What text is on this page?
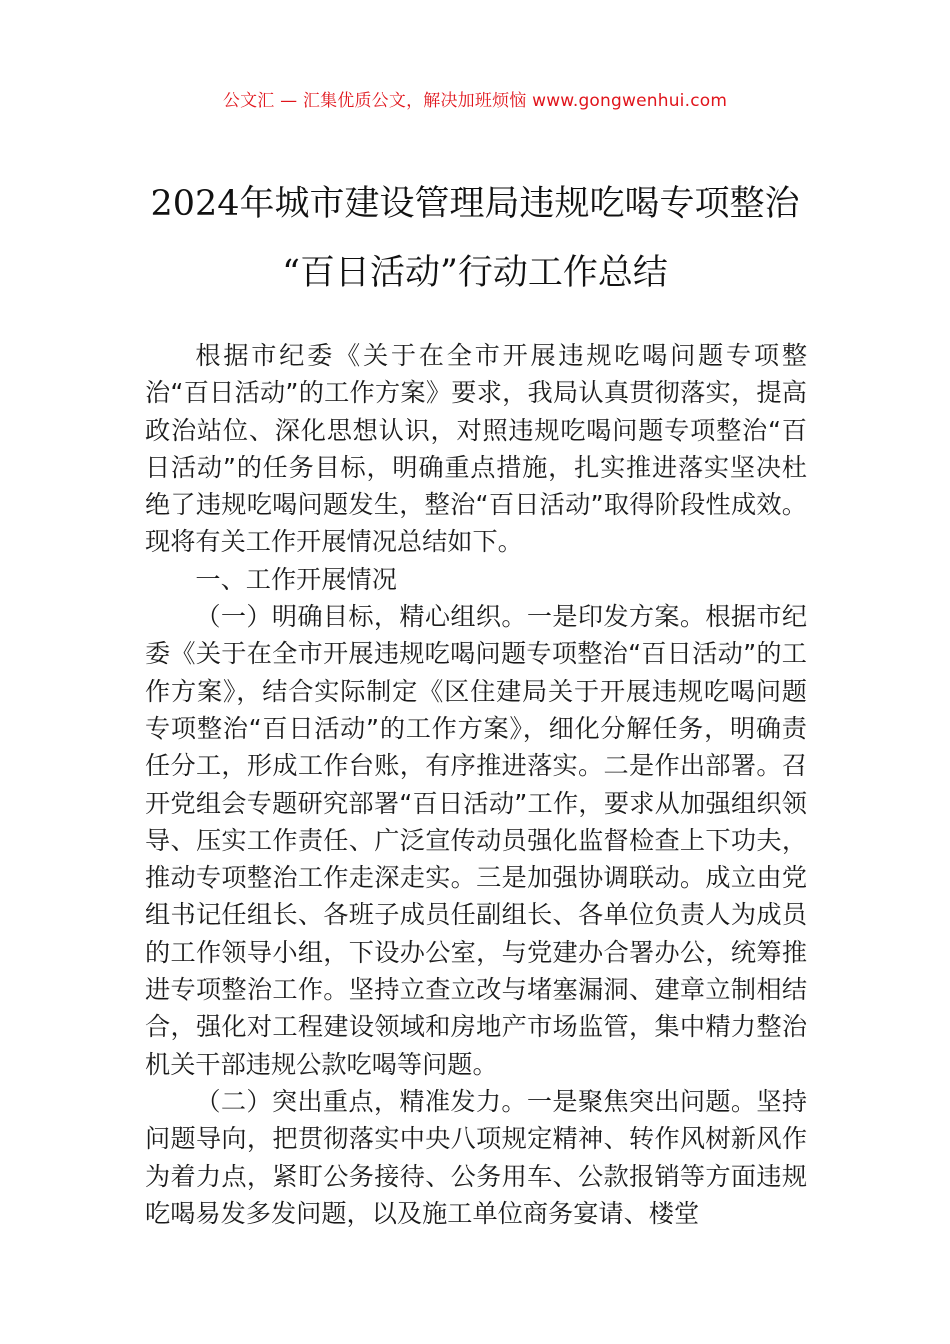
公文汇 — 汇集优质公文，解决加班烦恼 www.gongwenhui.com
2024年城市建设管理局违规吃喝专项整治
“百日活动”行动工作总结

根据市纪委《关于在全市开展违规吃喝问题专项整治“百日活动”的工作方案》要求，我局认真贯彻落实，提高政治站位、深化思想认识，对照违规吃喝问题专项整治“百日活动”的任务目标，明确重点措施，扎实推进落实坚决杜绝了违规吃喝问题发生，整治“百日活动”取得阶段性成效。现将有关工作开展情况总结如下。

一、工作开展情况

（一）明确目标，精心组织。一是印发方案。根据市纪委《关于在全市开展违规吃喝问题专项整治“百日活动”的工作方案》，结合实际制定《区住建局关于开展违规吃喝问题专项整治“百日活动”的工作方案》，细化分解任务，明确责任分工，形成工作台账，有序推进落实。二是作出部署。召开党组会专题研究部署“百日活动”工作，要求从加强组织领导、压实工作责任、广泛宣传动员强化监督检查上下功夫，推动专项整治工作走深走实。三是加强协调联动。成立由党组书记任组长、各班子成员任副组长、各单位负责人为成员的工作领导小组，下设办公室，与党建办合署办公，统筹推进专项整治工作。坚持立查立改与堵塞漏洞、建章立制相结合，强化对工程建设领域和房地产市场监管，集中精力整治机关干部违规公款吃喝等问题。

（二）突出重点，精准发力。一是聚焦突出问题。坚持问题导向，把贯彻落实中央八项规定精神、转作风树新风作为着力点，紧盯公务接待、公务用车、公款报销等方面违规吃喝易发多发问题，以及施工单位商务宴请、楼堂
